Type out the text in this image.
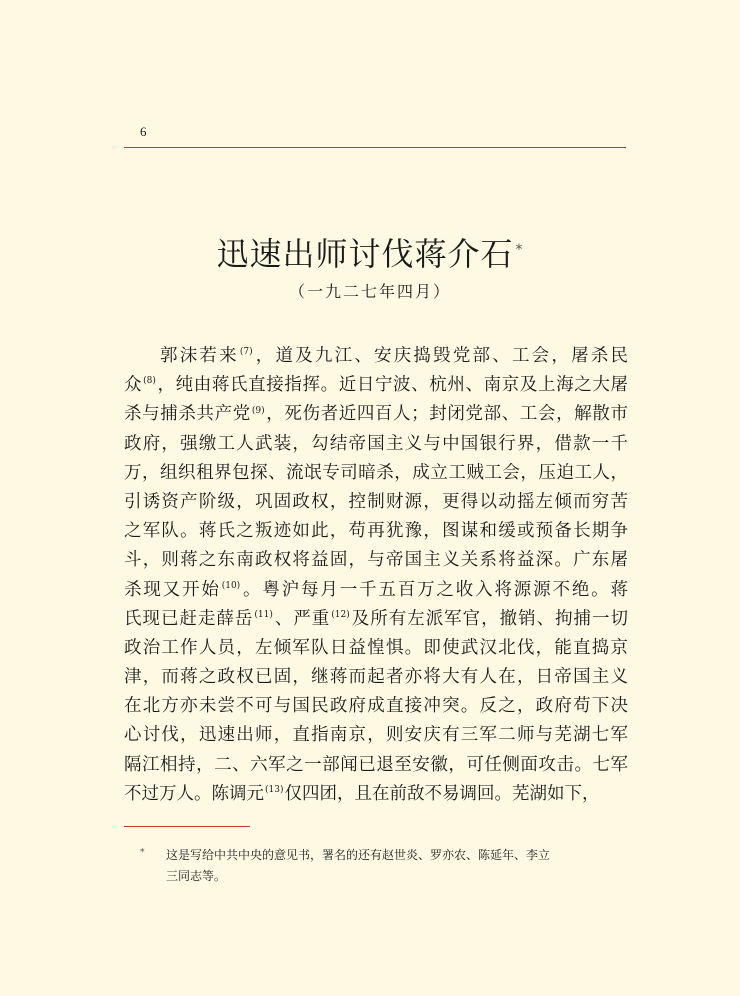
6
迅速出师讨伐蒋介石 *
（一九二七年四月）
郭沫若来$^{(7)}$，道及九江、安庆捣毁党部、工会，屠杀民
众$^{(8)}$，纯由蒋氏直接指挥。近日宁波、杭州、南京及上海之大屠
杀与捕杀共产党$^{(9)}$，死伤者近四百人；封闭党部、工会，解散市
政府，强缴工人武装，勾结帝国主义与中国银行界，借款一千
万，组织租界包探、流氓专司暗杀，成立工贼工会，压迫工人，
引诱资产阶级，巩固政权，控制财源，更得以动摇左倾而穷苦
之军队。蒋氏之叛迹如此，苟再犹豫，图谋和缓或预备长期争
斗，则蒋之东南政权将益固，与帝国主义关系将益深。广东屠
杀现又开始$^{(10)}$。粤沪每月一千五百万之收入将源源不绝。蒋
氏现已赶走薛岳$^{(11)}$、严重$^{(12)}$及所有左派军官，撤销、拘捕一切
政治工作人员，左倾军队日益惶惧。即使武汉北伐，能直捣京
津，而蒋之政权已固，继蒋而起者亦将大有人在，日帝国主义
在北方亦未尝不可与国民政府成直接冲突。反之，政府苟下决
心讨伐，迅速出师，直指南京，则安庆有三军二师与芜湖七军
隔江相持，二、六军之一部闻已退至安徽，可任侧面攻击。七军
不过万人。陈调元$^{(13)}$仅四团，且在前敌不易调回。芜湖如下，
* 这是写给中共中央的意见书，署名的还有赵世炎、罗亦农、陈延年、李立
三同志等。
